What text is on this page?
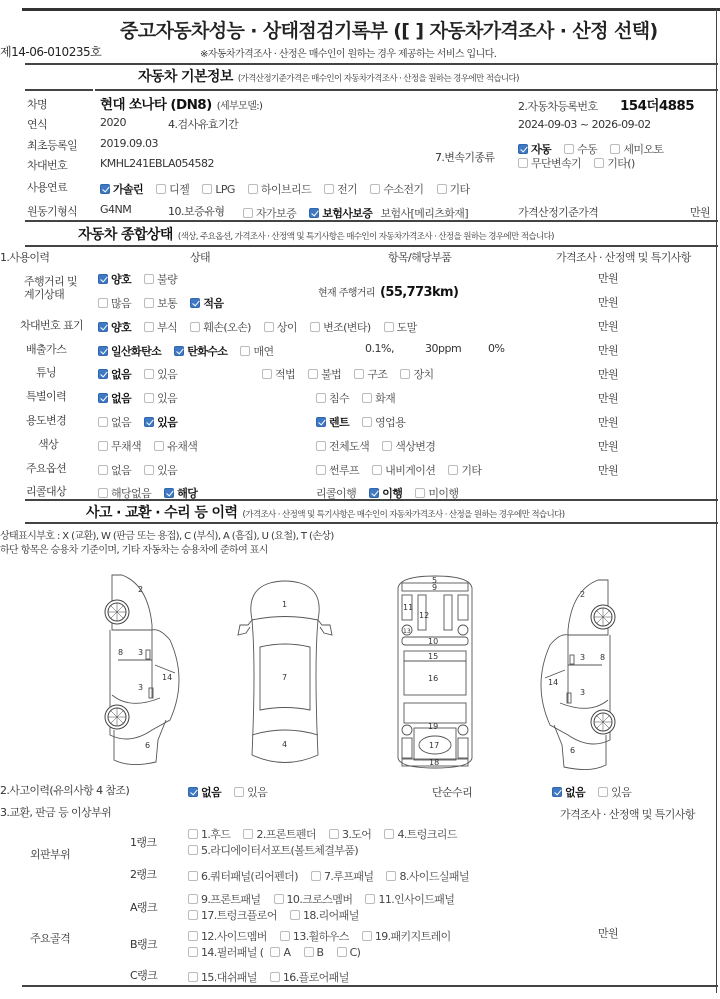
중고자동차성능 · 상태점검기록부 ([ ] 자동차가격조사 · 산정 선택)
제14-06-010235호	※자동차가격조사 · 산정은 매수인이 원하는 경우 제공하는 서비스 입니다.
자동차 기본정보 (가격산정기준가격은 매수인이 자동차가격조사 · 산정을 원하는 경우에만 적습니다)
차명	현대 쏘나타 (DN8) (세부모델:)	2.자동차등록번호 154더4885
연식	2020	4.검사유효기간	2024-09-03 ~ 2026-09-02
최초등록일 2019.09.03
7.변속기종류
자동 수동 세미오토
무단변속기 기타()
차대번호	KMHL241EBLA054582
사용연료	가솔린 디젤 LPG 하이브리드 전기 수소전기 기타
원동기형식 G4NM	10.보증유형	자가보증 보험사보증 보험사[메리츠화재]	가격산정기준가격	만원
자동차 종합상태 (색상, 주요옵션, 가격조사 · 산정액 및 특기사항은 매수인이 자동차가격조사 · 산정을 원하는 경우에만 적습니다)
1.사용이력	상태	항목/해당부품	가격조사 · 산정액 및 특기사항
주행거리 및 계기상태
양호 불량
많음 보통 적음
현재 주행거리 (55,773km)
만원
만원
차대번호 표기	양호 부식 훼손(오손) 상이 변조(변타) 도말	만원
배출가스	일산화탄소 탄화수소 매연	0.1%,	30ppm 0%	만원
튜닝	없음 있음	적법 불법 구조 장치	만원
특별이력	없음 있음	침수 화재	만원
용도변경	없음 있음	렌트 영업용	만원
색상	무채색 유채색	전체도색 색상변경	만원
주요옵션	없음 있음	썬루프 내비게이션 기타	만원
리콜대상	해당없음 해당	리콜이행 이행 미이행
사고 · 교환 · 수리 등 이력 (가격조사 · 산정액 및 특기사항은 매수인이 자동차가격조사 · 산정을 원하는 경우에만 적습니다)
상태표시부호 : X (교환), W (판금 또는 용접), C (부식), A (흠집), U (요철), T (손상)
하단 항목은 승용차 기준이며, 기타 자동차는 승용차에 준하여 표시
2
8 3
3
14
6
1
7
4
5
9
11
12
13
10
15
16
19
17
18
2
3 8
3
14
6
2.사고이력(유의사항 4 참조)	없음 있음	단순수리	없음 있음
3.교환, 판금 등 이상부위	가격조사 · 산정액 및 특기사항
외판부위
주요골격	만원
1랭크
1.후드 2.프론트펜더 3.도어 4.트렁크리드
5.라디에이터서포트(볼트체결부품)
2랭크	6.쿼터패널(리어펜더) 7.루프패널 8.사이드실패널
A랭크
9.프론트패널 10.크로스멤버 11.인사이드패널
17.트렁크플로어 18.리어패널
B랭크
12.사이드멤버 13.휠하우스 19.패키지트레이
14.필러패널 ( A B C)
C랭크	15.대쉬패널 16.플로어패널
